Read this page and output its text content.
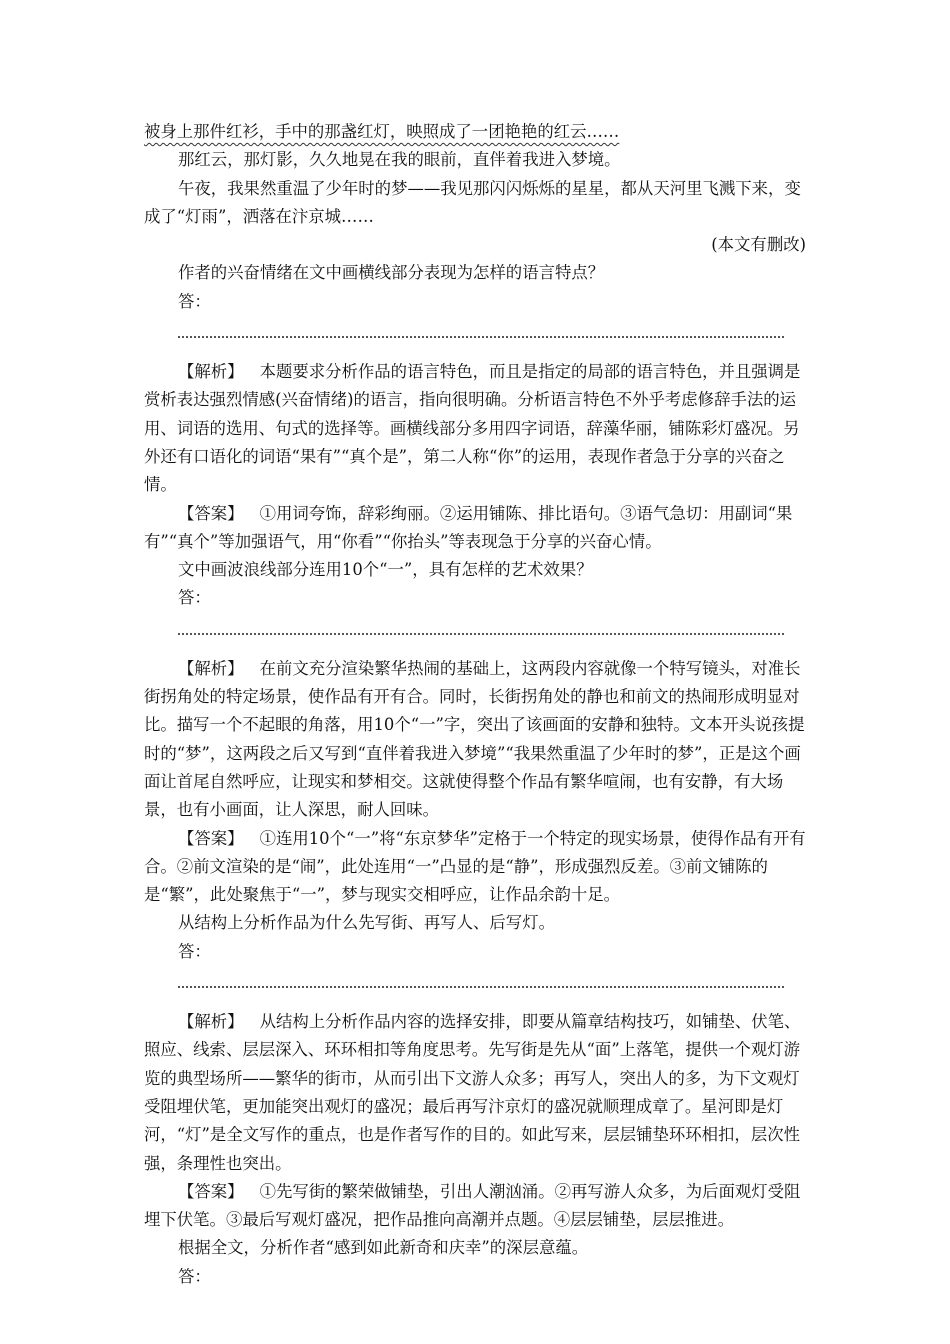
被身上那件红衫，手中的那盏红灯，映照成了一团艳艳的红云……

那红云，那灯影，久久地晃在我的眼前，直伴着我进入梦境。

午夜，我果然重温了少年时的梦——我见那闪闪烁烁的星星，都从天河里飞溅下来，变成了“灯雨”，洒落在汴京城……

(本文有删改)

作者的兴奋情绪在文中画横线部分表现为怎样的语言特点？

答：

【解析】 本题要求分析作品的语言特色，而且是指定的局部的语言特色，并且强调是赏析表达强烈情感(兴奋情绪)的语言，指向很明确。分析语言特色不外乎考虑修辞手法的运用、词语的选用、句式的选择等。画横线部分多用四字词语，辞藻华丽，铺陈彩灯盛况。另外还有口语化的词语“果有”“真个是”，第二人称“你”的运用，表现作者急于分享的兴奋之情。

【答案】 ①用词夸饰，辞彩绚丽。②运用铺陈、排比语句。③语气急切：用副词“果有”“真个”等加强语气，用“你看”“你抬头”等表现急于分享的兴奋心情。

文中画波浪线部分连用10个“一”，具有怎样的艺术效果？

答：

【解析】 在前文充分渲染繁华热闹的基础上，这两段内容就像一个特写镜头，对准长街拐角处的特定场景，使作品有开有合。同时，长街拐角处的静也和前文的热闹形成明显对比。描写一个不起眼的角落，用10个“一”字，突出了该画面的安静和独特。文本开头说孩提时的“梦”，这两段之后又写到“直伴着我进入梦境”“我果然重温了少年时的梦”，正是这个画面让首尾自然呼应，让现实和梦相交。这就使得整个作品有繁华喧闹，也有安静，有大场景，也有小画面，让人深思，耐人回味。

【答案】 ①连用10个“一”将“东京梦华”定格于一个特定的现实场景，使得作品有开有合。②前文渲染的是“闹”，此处连用“一”凸显的是“静”，形成强烈反差。③前文铺陈的是“繁”，此处聚焦于“一”，梦与现实交相呼应，让作品余韵十足。

从结构上分析作品为什么先写街、再写人、后写灯。

答：

【解析】 从结构上分析作品内容的选择安排，即要从篇章结构技巧，如铺垫、伏笔、照应、线索、层层深入、环环相扣等角度思考。先写街是先从“面”上落笔，提供一个观灯游览的典型场所——繁华的街市，从而引出下文游人众多；再写人，突出人的多，为下文观灯受阻埋伏笔，更加能突出观灯的盛况；最后再写汴京灯的盛况就顺理成章了。星河即是灯河，“灯”是全文写作的重点，也是作者写作的目的。如此写来，层层铺垫环环相扣，层次性强，条理性也突出。

【答案】 ①先写街的繁荣做铺垫，引出人潮汹涌。②再写游人众多，为后面观灯受阻埋下伏笔。③最后写观灯盛况，把作品推向高潮并点题。④层层铺垫，层层推进。

根据全文，分析作者“感到如此新奇和庆幸”的深层意蕴。

答：
